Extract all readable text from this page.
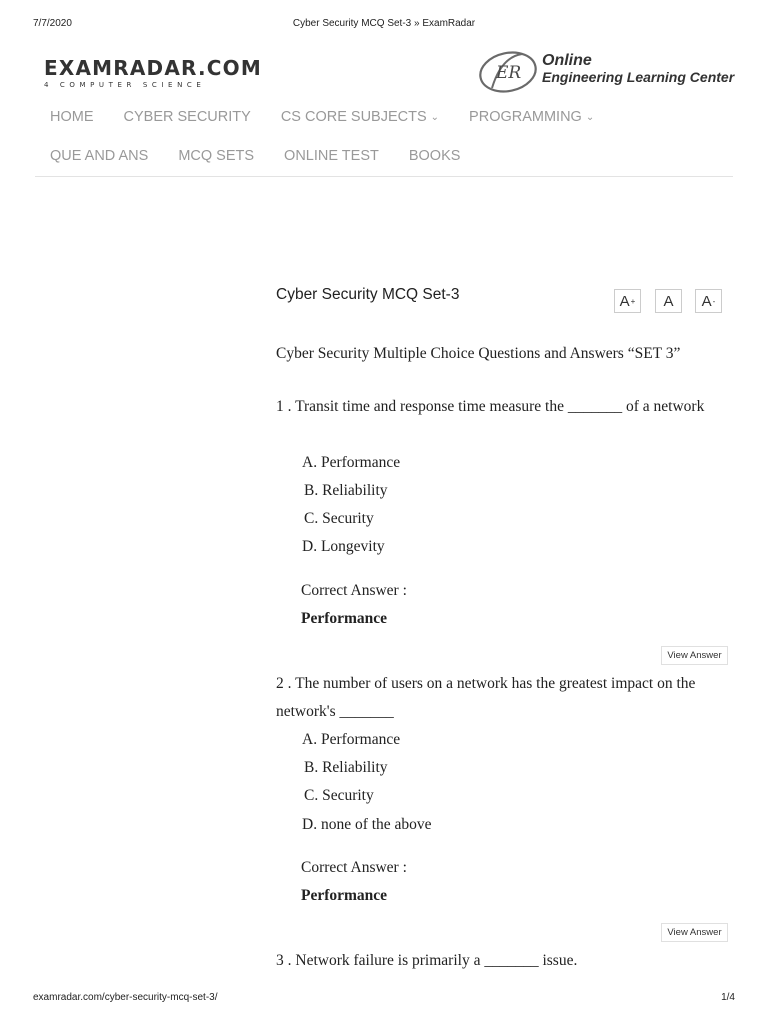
7/7/2020	Cyber Security MCQ Set-3 » ExamRadar
EXAMRADAR.COM
4 COMPUTER SCIENCE
ER
Online
Engineering Learning Center
HOME CYBER SECURITY CS CORE SUBJECTS ⌄ PROGRAMMING ⌄
QUE AND ANS MCQ SETS ONLINE TEST BOOKS
Cyber Security MCQ Set-3	A + A A -

Cyber Security Multiple Choice Questions and Answers “SET 3”

1 . Transit time and response time measure the _______ of a network

A. Performance
B. Reliability
C. Security
D. Longevity
Correct Answer :
Performance
View Answer

2 . The number of users on a network has the greatest impact on the network's _______

A. Performance
B. Reliability
C. Security
D. none of the above
Correct Answer :
Performance
View Answer

3 . Network failure is primarily a _______ issue.

examradar.com/cyber-security-mcq-set-3/	1/4
